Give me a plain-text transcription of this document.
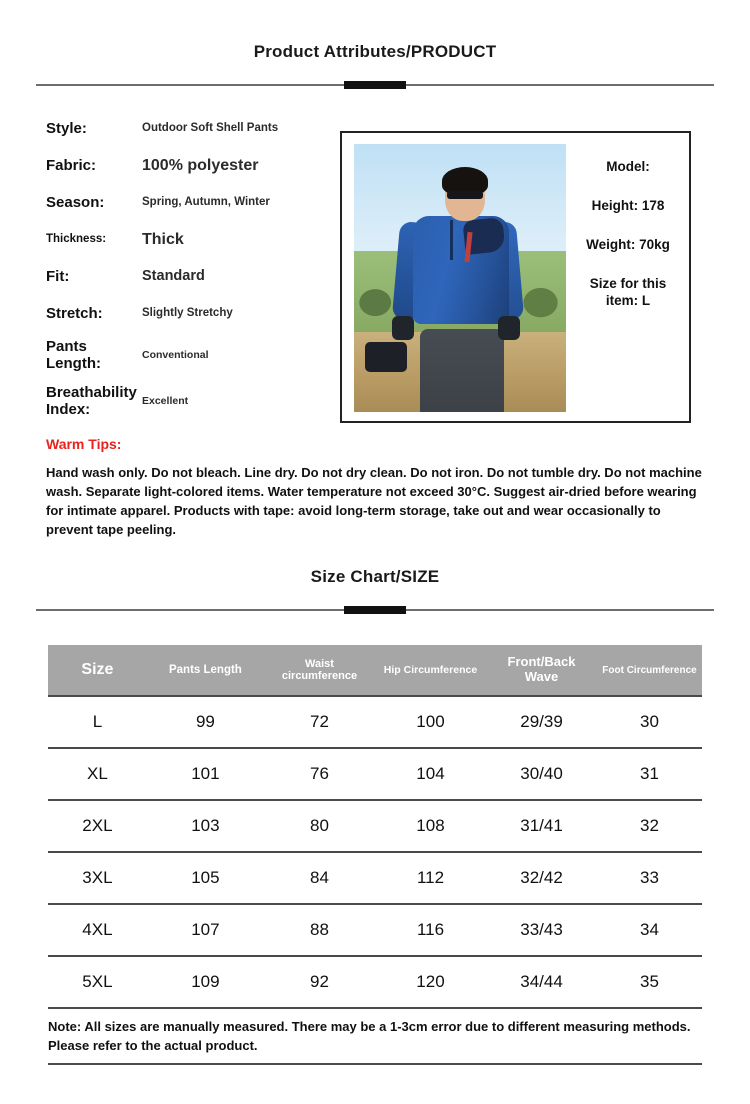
Product Attributes/PRODUCT
Style:	Outdoor Soft Shell Pants
Fabric:	100% polyester
Season:	Spring, Autumn, Winter
Thickness:	Thick
Fit:	Standard
Stretch:	Slightly Stretchy
Pants Length:
Conventional
Breathability Index:
Excellent
Model:
Height: 178
Weight: 70kg
Size for this item: L
Warm Tips:
Hand wash only. Do not bleach. Line dry. Do not dry clean. Do not iron. Do not tumble dry. Do not machine wash. Separate light-colored items. Water temperature not exceed 30°C. Suggest air-dried before wearing for intimate apparel. Products with tape: avoid long-term storage, take out and wear occasionally to prevent tape peeling.
Size Chart/SIZE
Size	Pants Length	Waist circumference	Hip Circumference	Front/Back Wave	Foot Circumference
L	99	72	100	29/39	30
XL	101	76	104	30/40	31
2XL	103	80	108	31/41	32
3XL	105	84	112	32/42	33
4XL	107	88	116	33/43	34
5XL	109	92	120	34/44	35
Note: All sizes are manually measured. There may be a 1-3cm error due to different measuring methods. Please refer to the actual product.
